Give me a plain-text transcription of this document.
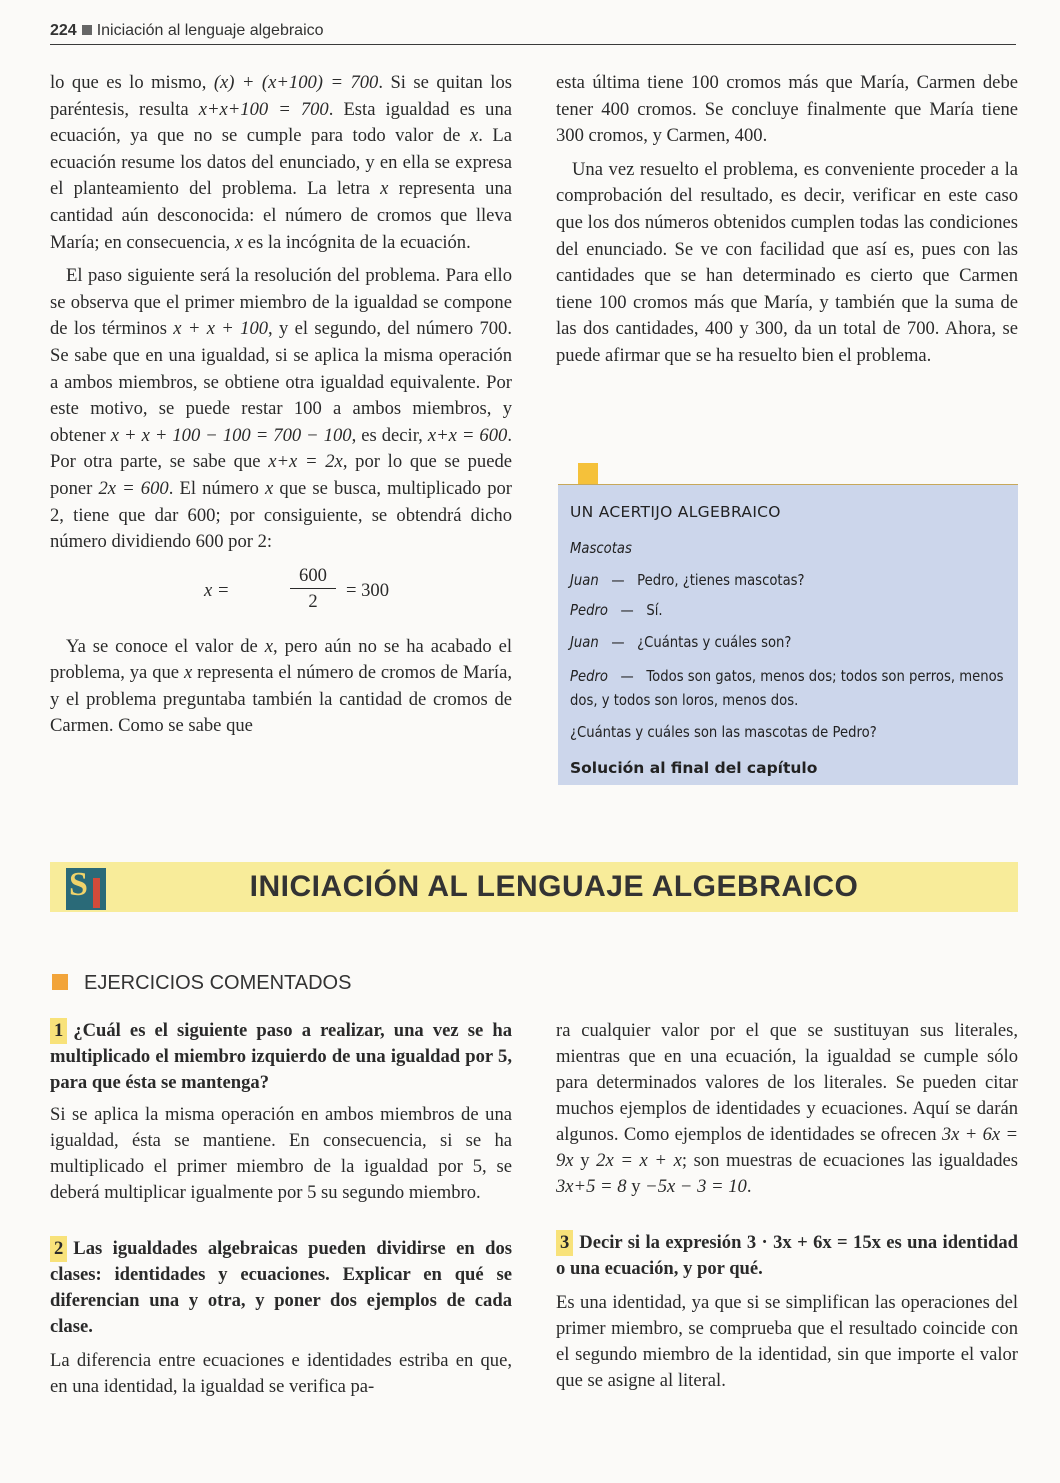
224 Iniciación al lenguaje algebraico

lo que es lo mismo, (x) + (x+100) = 700. Si se quitan los paréntesis, resulta x+x+100 = 700. Esta igualdad es una ecuación, ya que no se cumple para todo valor de x. La ecuación resume los datos del enunciado, y en ella se expresa el planteamiento del problema. La letra x representa una cantidad aún desconocida: el número de cromos que lleva María; en consecuencia, x es la incógnita de la ecuación.

El paso siguiente será la resolución del problema. Para ello se observa que el primer miembro de la igualdad se compone de los términos x + x + 100, y el segundo, del número 700. Se sabe que en una igualdad, si se aplica la misma operación a ambos miembros, se obtiene otra igualdad equivalente. Por este motivo, se puede restar 100 a ambos miembros, y obtener x + x + 100 − 100 = 700 − 100, es decir, x+x = 600. Por otra parte, se sabe que x+x = 2x, por lo que se puede poner 2x = 600. El número x que se busca, multiplicado por 2, tiene que dar 600; por consiguiente, se obtendrá dicho número dividiendo 600 por 2:

x =	$\frac{600}{2} = 300$

Ya se conoce el valor de x, pero aún no se ha acabado el problema, ya que x representa el número de cromos de María, y el problema preguntaba también la cantidad de cromos de Carmen. Como se sabe que

esta última tiene 100 cromos más que María, Carmen debe tener 400 cromos. Se concluye finalmente que María tiene 300 cromos, y Carmen, 400.

Una vez resuelto el problema, es conveniente proceder a la comprobación del resultado, es decir, verificar en este caso que los dos números obtenidos cumplen todas las condiciones del enunciado. Se ve con facilidad que así es, pues con las cantidades que se han determinado es cierto que Carmen tiene 100 cromos más que María, y también que la suma de las dos cantidades, 400 y 300, da un total de 700. Ahora, se puede afirmar que se ha resuelto bien el problema.

UN ACERTIJO ALGEBRAICO
Mascotas
Juan — Pedro, ¿tienes mascotas?
Pedro — Sí.
Juan — ¿Cuántas y cuáles son?
Pedro — Todos son gatos, menos dos; todos son perros, menos dos, y todos son loros, menos dos.
¿Cuántas y cuáles son las mascotas de Pedro?
Solución al final del capítulo
S	INICIACIÓN AL LENGUAJE ALGEBRAICO
EJERCICIOS COMENTADOS

1 ¿Cuál es el siguiente paso a realizar, una vez se ha multiplicado el miembro izquierdo de una igualdad por 5, para que ésta se mantenga?

Si se aplica la misma operación en ambos miembros de una igualdad, ésta se mantiene. En consecuencia, si se ha multiplicado el primer miembro de la igualdad por 5, se deberá multiplicar igualmente por 5 su segundo miembro.

2 Las igualdades algebraicas pueden dividirse en dos clases: identidades y ecuaciones. Explicar en qué se diferencian una y otra, y poner dos ejemplos de cada clase.

La diferencia entre ecuaciones e identidades estriba en que, en una identidad, la igualdad se verifica pa-

ra cualquier valor por el que se sustituyan sus literales, mientras que en una ecuación, la igualdad se cumple sólo para determinados valores de los literales. Se pueden citar muchos ejemplos de identidades y ecuaciones. Aquí se darán algunos. Como ejemplos de identidades se ofrecen 3x + 6x = 9x y 2x = x + x; son muestras de ecuaciones las igualdades 3x+5 = 8 y −5x − 3 = 10.

3 Decir si la expresión 3 · 3x + 6x = 15x es una identidad o una ecuación, y por qué.

Es una identidad, ya que si se simplifican las operaciones del primer miembro, se comprueba que el resultado coincide con el segundo miembro de la identidad, sin que importe el valor que se asigne al literal.
